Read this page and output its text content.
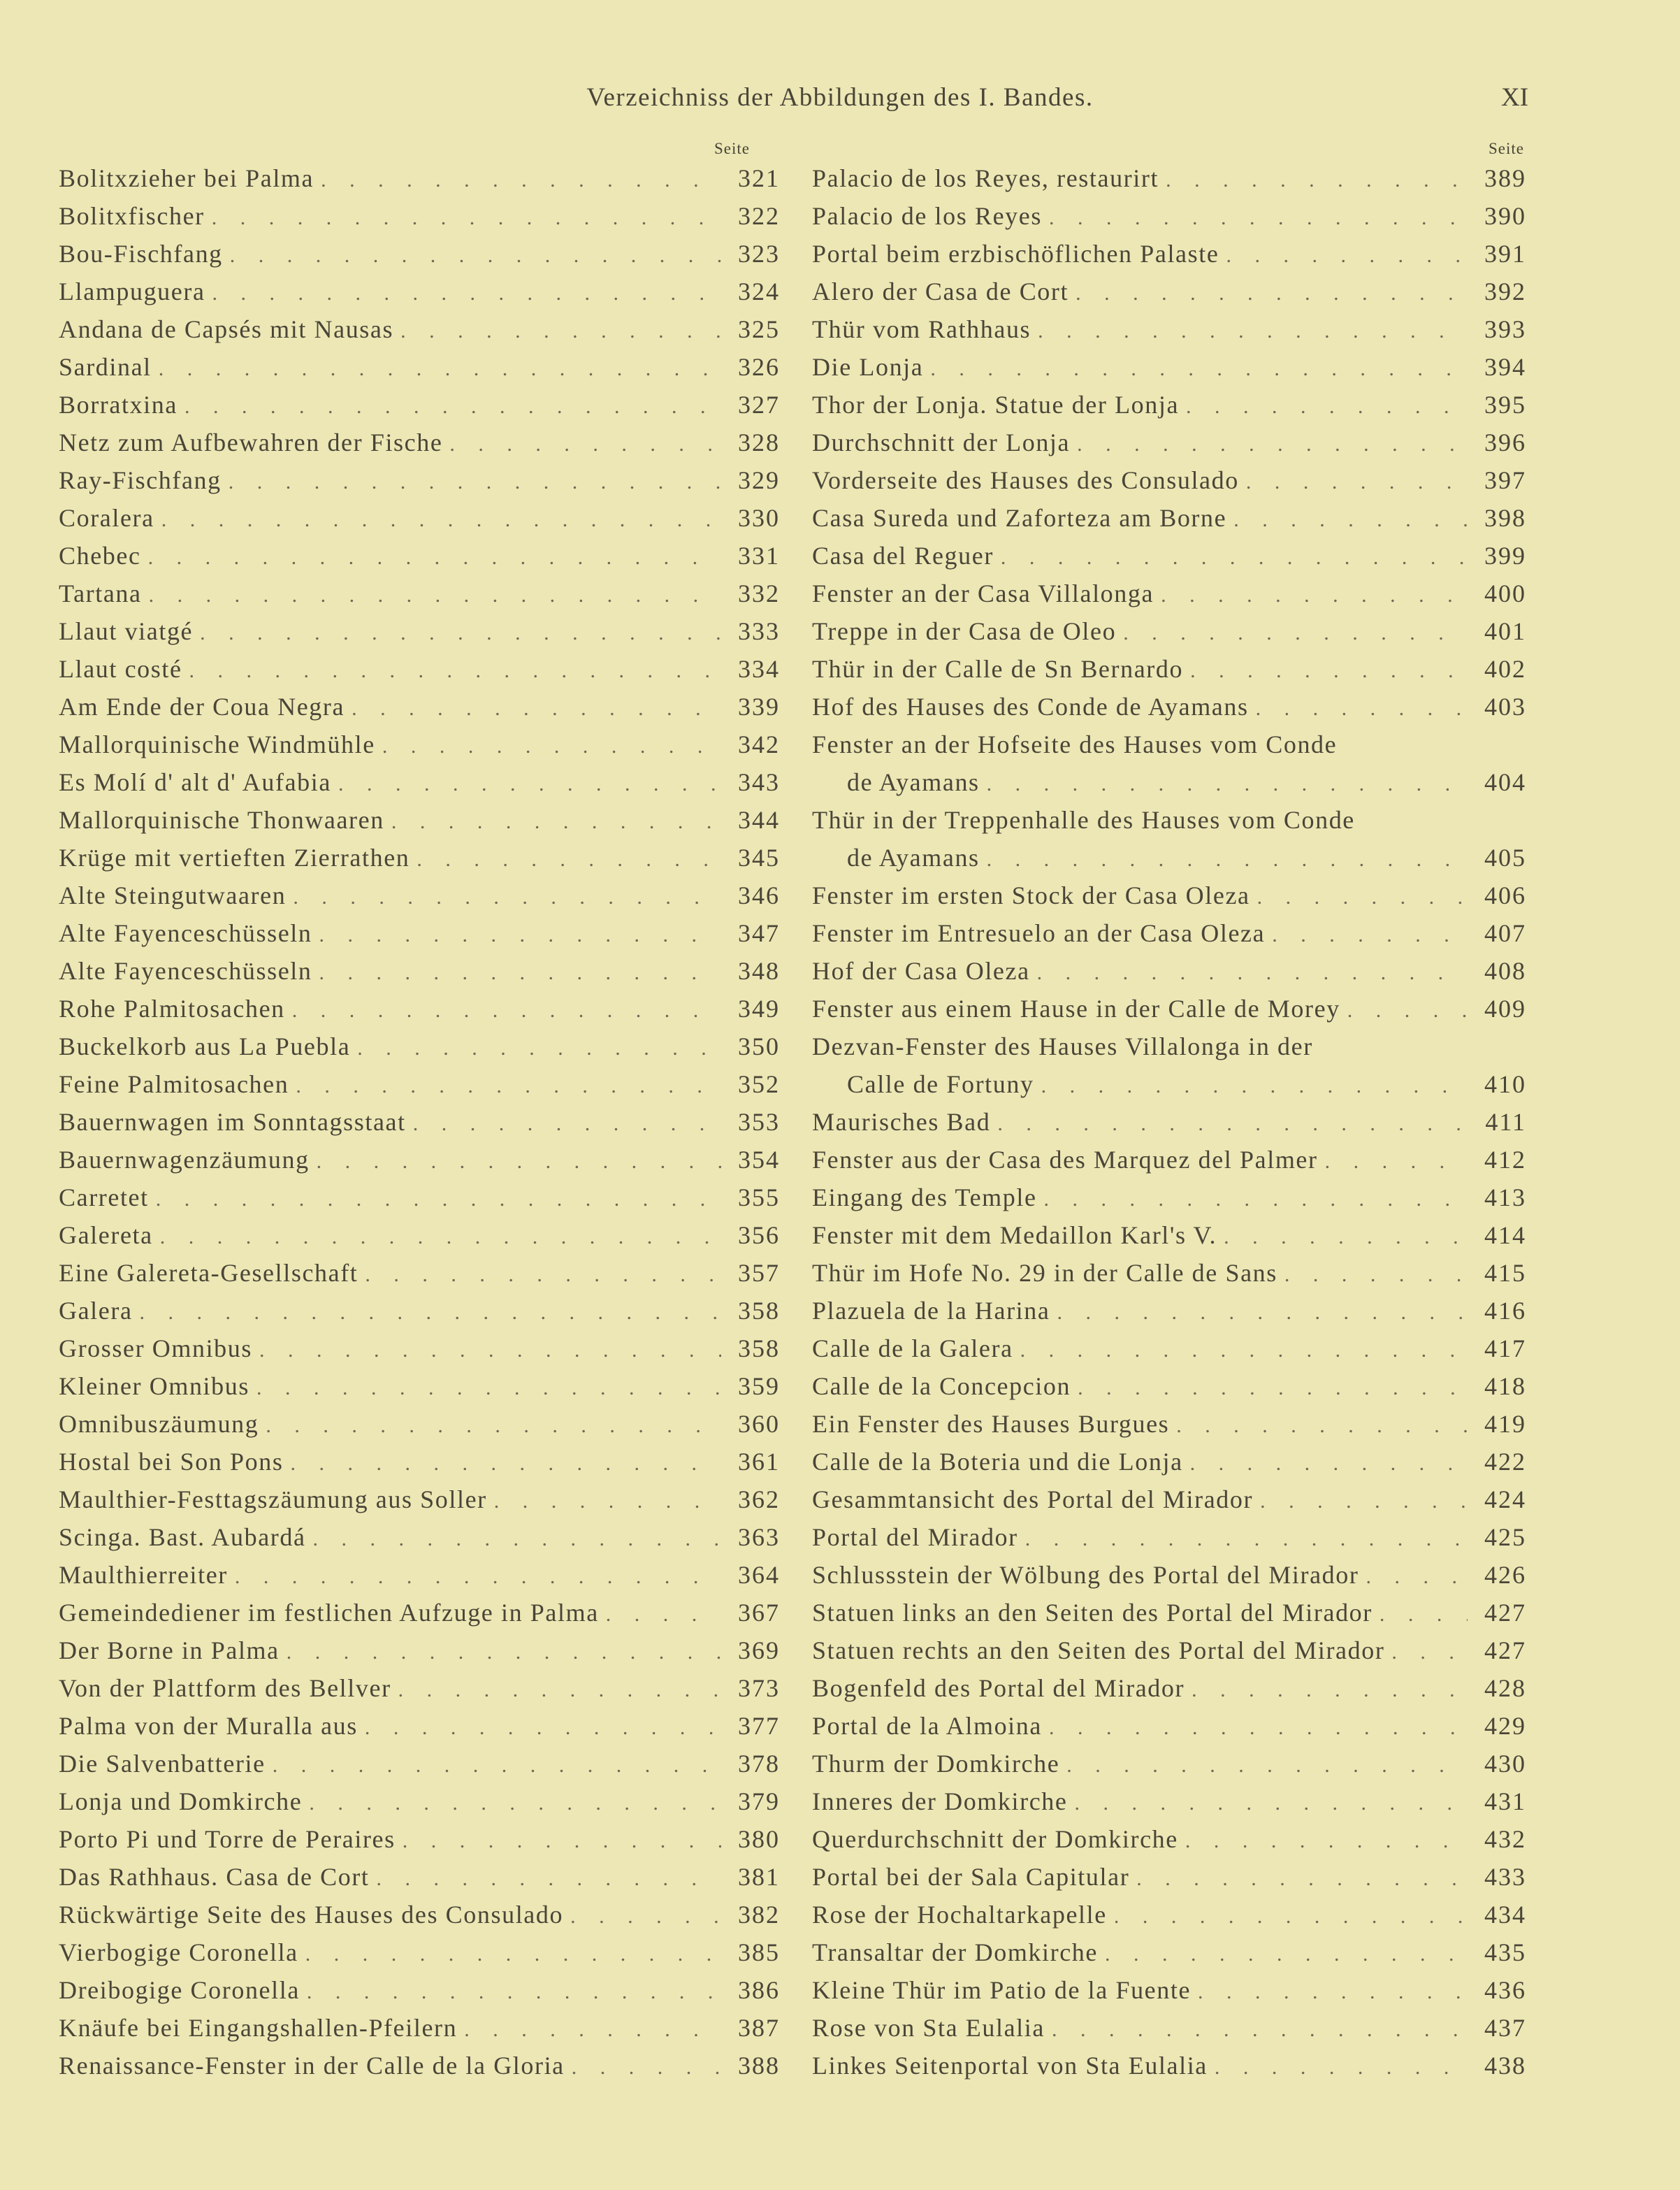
Verzeichniss der Abbildungen des I. Bandes.	XI
Seite	Seite
Bolitxzieher bei Palma . . .	321
Bolitxfischer . . .	322
Bou-Fischfang . . .	323
Llampuguera . . .	324
Andana de Capsés mit Nausas . . .	325
Sardinal . . .	326
Borratxina . . .	327
Netz zum Aufbewahren der Fische . . .	328
Ray-Fischfang . . .	329
Coralera . . .	330
Chebec . . .	331
Tartana . . .	332
Llaut viatgé . . .	333
Llaut costé . . .	334
Am Ende der Coua Negra . . .	339
Mallorquinische Windmühle . . .	342
Es Molí d' alt d' Aufabia . . .	343
Mallorquinische Thonwaaren . . .	344
Krüge mit vertieften Zierrathen . . .	345
Alte Steingutwaaren . . .	346
Alte Fayenceschüsseln . . .	347
Alte Fayenceschüsseln . . .	348
Rohe Palmitosachen . . .	349
Buckelkorb aus La Puebla . . .	350
Feine Palmitosachen . . .	352
Bauernwagen im Sonntagsstaat . . .	353
Bauernwagenzäumung . . .	354
Carretet . . .	355
Galereta . . .	356
Eine Galereta-Gesellschaft . . .	357
Galera . . .	358
Grosser Omnibus . . .	358
Kleiner Omnibus . . .	359
Omnibuszäumung . . .	360
Hostal bei Son Pons . . .	361
Maulthier-Festtagszäumung aus Soller . . .	362
Scinga. Bast. Aubardá . . .	363
Maulthierreiter . . .	364
Gemeindediener im festlichen Aufzuge in Palma . . .	367
Der Borne in Palma . . .	369
Von der Plattform des Bellver . . .	373
Palma von der Muralla aus . . .	377
Die Salvenbatterie . . .	378
Lonja und Domkirche . . .	379
Porto Pi und Torre de Peraires . . .	380
Das Rathhaus. Casa de Cort . . .	381
Rückwärtige Seite des Hauses des Consulado . . .	382
Vierbogige Coronella . . .	385
Dreibogige Coronella . . .	386
Knäufe bei Eingangshallen-Pfeilern . . .	387
Renaissance-Fenster in der Calle de la Gloria . . .	388
Palacio de los Reyes, restaurirt . . .	389
Palacio de los Reyes . . .	390
Portal beim erzbischöflichen Palaste . . .	391
Alero der Casa de Cort . . .	392
Thür vom Rathhaus . . .	393
Die Lonja . . .	394
Thor der Lonja. Statue der Lonja . . .	395
Durchschnitt der Lonja . . .	396
Vorderseite des Hauses des Consulado . . .	397
Casa Sureda und Zaforteza am Borne . . .	398
Casa del Reguer . . .	399
Fenster an der Casa Villalonga . . .	400
Treppe in der Casa de Oleo . . .	401
Thür in der Calle de Sn Bernardo . . .	402
Hof des Hauses des Conde de Ayamans . . .	403
Fenster an der Hofseite des Hauses vom Conde
de Ayamans . . .	404
Thür in der Treppenhalle des Hauses vom Conde
de Ayamans . . .	405
Fenster im ersten Stock der Casa Oleza . . .	406
Fenster im Entresuelo an der Casa Oleza . . .	407
Hof der Casa Oleza . . .	408
Fenster aus einem Hause in der Calle de Morey . . .	409
Dezvan-Fenster des Hauses Villalonga in der
Calle de Fortuny . . .	410
Maurisches Bad . . .	411
Fenster aus der Casa des Marquez del Palmer . . .	412
Eingang des Temple . . .	413
Fenster mit dem Medaillon Karl's V. . . .	414
Thür im Hofe No. 29 in der Calle de Sans . . .	415
Plazuela de la Harina . . .	416
Calle de la Galera . . .	417
Calle de la Concepcion . . .	418
Ein Fenster des Hauses Burgues . . .	419
Calle de la Boteria und die Lonja . . .	422
Gesammtansicht des Portal del Mirador . . .	424
Portal del Mirador . . .	425
Schlussstein der Wölbung des Portal del Mirador . . .	426
Statuen links an den Seiten des Portal del Mirador . . .	427
Statuen rechts an den Seiten des Portal del Mirador . . .	427
Bogenfeld des Portal del Mirador . . .	428
Portal de la Almoina . . .	429
Thurm der Domkirche . . .	430
Inneres der Domkirche . . .	431
Querdurchschnitt der Domkirche . . .	432
Portal bei der Sala Capitular . . .	433
Rose der Hochaltarkapelle . . .	434
Transaltar der Domkirche . . .	435
Kleine Thür im Patio de la Fuente . . .	436
Rose von Sta Eulalia . . .	437
Linkes Seitenportal von Sta Eulalia . . .	438
